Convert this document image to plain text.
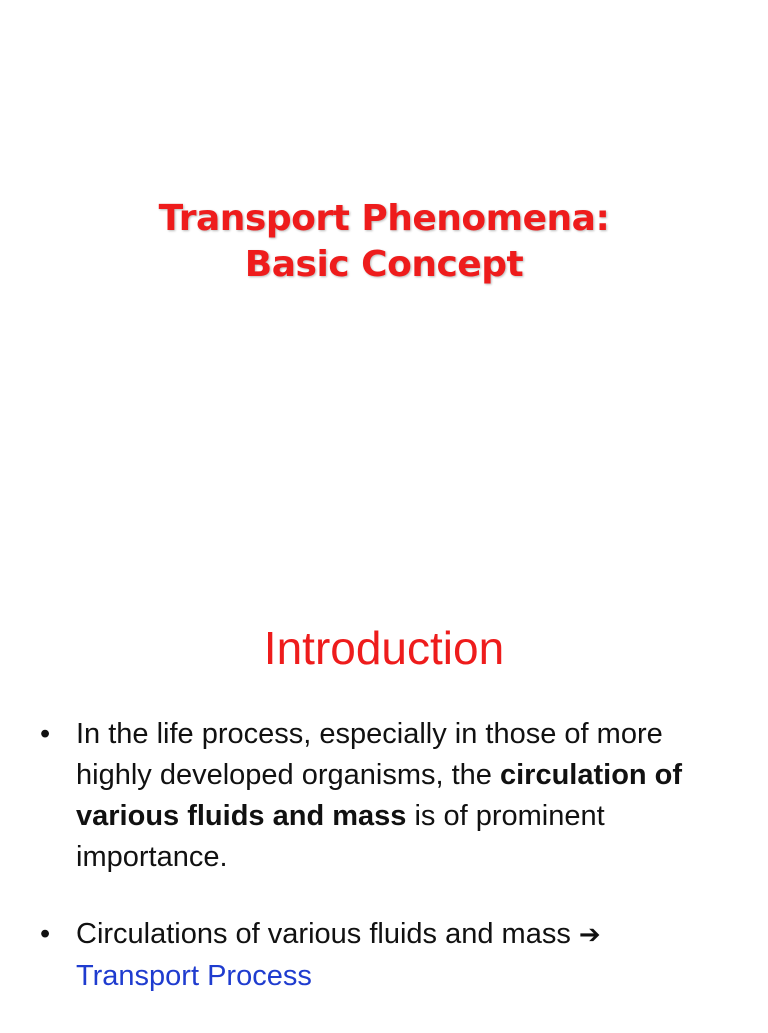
Transport Phenomena:
Basic Concept
Introduction
• In the life process, especially in those of more highly developed organisms, the circulation of various fluids and mass is of prominent importance.
• Circulations of various fluids and mass ➔
Transport Process
